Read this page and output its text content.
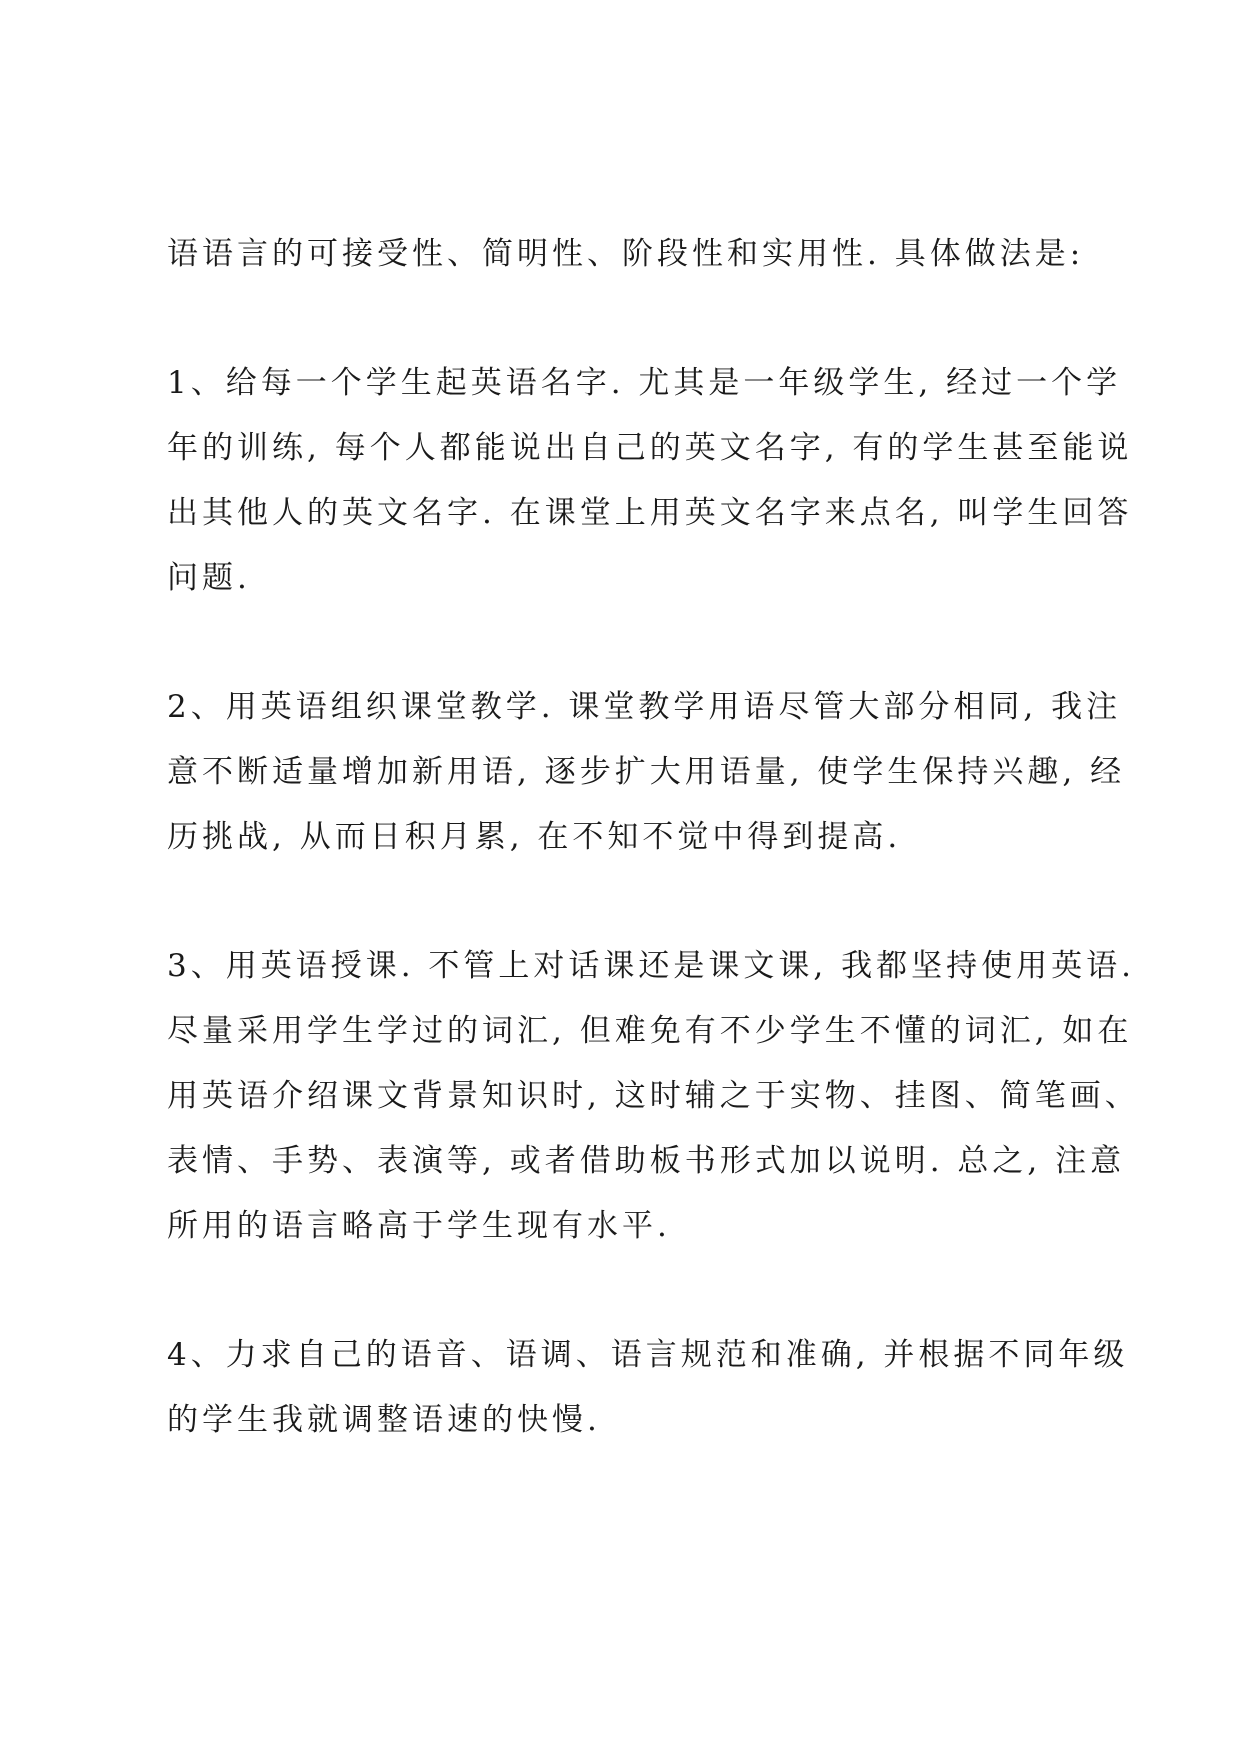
语语言的可接受性、简明性、阶段性和实用性. 具体做法是:
1、给每一个学生起英语名字. 尤其是一年级学生, 经过一个学
年的训练, 每个人都能说出自己的英文名字, 有的学生甚至能说
出其他人的英文名字. 在课堂上用英文名字来点名, 叫学生回答
问题.
2、用英语组织课堂教学. 课堂教学用语尽管大部分相同, 我注
意不断适量增加新用语, 逐步扩大用语量, 使学生保持兴趣, 经
历挑战, 从而日积月累, 在不知不觉中得到提高.
3、用英语授课. 不管上对话课还是课文课, 我都坚持使用英语.
尽量采用学生学过的词汇, 但难免有不少学生不懂的词汇, 如在
用英语介绍课文背景知识时, 这时辅之于实物、挂图、简笔画、
表情、手势、表演等, 或者借助板书形式加以说明. 总之, 注意
所用的语言略高于学生现有水平.
4、力求自己的语音、语调、语言规范和准确, 并根据不同年级
的学生我就调整语速的快慢.
